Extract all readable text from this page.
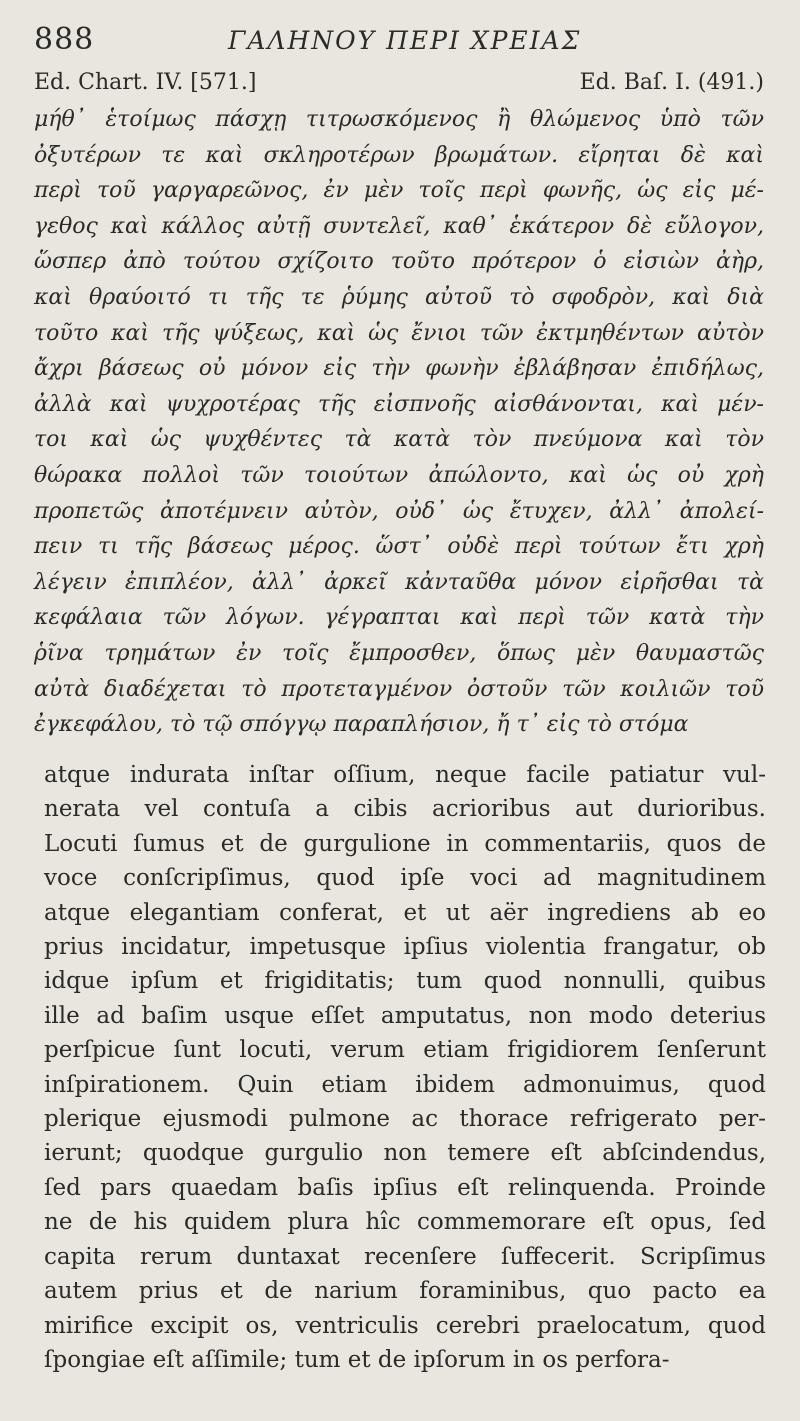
888	ΓΑΛΗΝΟΥ ΠΕΡΙ ΧΡΕΙΑΣ
Ed. Chart. IV. [571.]	Ed. Baſ. I. (491.)
μήθ᾽ ἑτοίμως πάσχῃ τιτρωσκόμενος ἢ θλώμενος ὑπὸ τῶν
ὀξυτέρων τε καὶ σκληροτέρων βρωμάτων. εἴρηται δὲ καὶ
περὶ τοῦ γαργαρεῶνος, ἐν μὲν τοῖς περὶ φωνῆς, ὡς εἰς μέ-
γεθος καὶ κάλλος αὐτῇ συντελεῖ, καθ᾽ ἑκάτερον δὲ εὔλογον,
ὥσπερ ἀπὸ τούτου σχίζοιτο τοῦτο πρότερον ὁ εἰσιὼν ἀὴρ,
καὶ θραύοιτό τι τῆς τε ῥύμης αὐτοῦ τὸ σφοδρὸν, καὶ διὰ
τοῦτο καὶ τῆς ψύξεως, καὶ ὡς ἔνιοι τῶν ἐκτμηθέντων αὐτὸν
ἄχρι βάσεως οὐ μόνον εἰς τὴν φωνὴν ἐβλάβησαν ἐπιδήλως,
ἀλλὰ καὶ ψυχροτέρας τῆς εἰσπνοῆς αἰσθάνονται, καὶ μέν-
τοι καὶ ὡς ψυχθέντες τὰ κατὰ τὸν πνεύμονα καὶ τὸν
θώρακα πολλοὶ τῶν τοιούτων ἀπώλοντο, καὶ ὡς οὐ χρὴ
προπετῶς ἀποτέμνειν αὐτὸν, οὐδ᾽ ὡς ἔτυχεν, ἀλλ᾽ ἀπολεί-
πειν τι τῆς βάσεως μέρος. ὥστ᾽ οὐδὲ περὶ τούτων ἔτι χρὴ
λέγειν ἐπιπλέον, ἀλλ᾽ ἀρκεῖ κἀνταῦθα μόνον εἰρῆσθαι τὰ
κεφάλαια τῶν λόγων. γέγραπται καὶ περὶ τῶν κατὰ τὴν
ῥῖνα τρημάτων ἐν τοῖς ἔμπροσθεν, ὅπως μὲν θαυμαστῶς
αὐτὰ διαδέχεται τὸ προτεταγμένον ὀστοῦν τῶν κοιλιῶν τοῦ
ἐγκεφάλου, τὸ τῷ σπόγγῳ παραπλήσιον, ἤ τ᾽ εἰς τὸ στόμα
atque indurata inſtar oſſium, neque facile patiatur vul-
nerata vel contuſa a cibis acrioribus aut durioribus.
Locuti ſumus et de gurgulione in commentariis, quos de
voce conſcripſimus, quod ipſe voci ad magnitudinem
atque elegantiam conferat, et ut aër ingrediens ab eo
prius incidatur, impetusque ipſius violentia frangatur, ob
idque ipſum et frigiditatis; tum quod nonnulli, quibus
ille ad baſim usque eſſet amputatus, non modo deterius
perſpicue ſunt locuti, verum etiam frigidiorem ſenſerunt
inſpirationem. Quin etiam ibidem admonuimus, quod
plerique ejusmodi pulmone ac thorace refrigerato per-
ierunt; quodque gurgulio non temere eſt abſcindendus,
ſed pars quaedam baſis ipſius eſt relinquenda. Proinde
ne de his quidem plura hîc commemorare eſt opus, ſed
capita rerum duntaxat recenſere ſuffecerit. Scripſimus
autem prius et de narium foraminibus, quo pacto ea
mirifice excipit os, ventriculis cerebri praelocatum, quod
ſpongiae eſt aſſimile; tum et de ipſorum in os perfora-
